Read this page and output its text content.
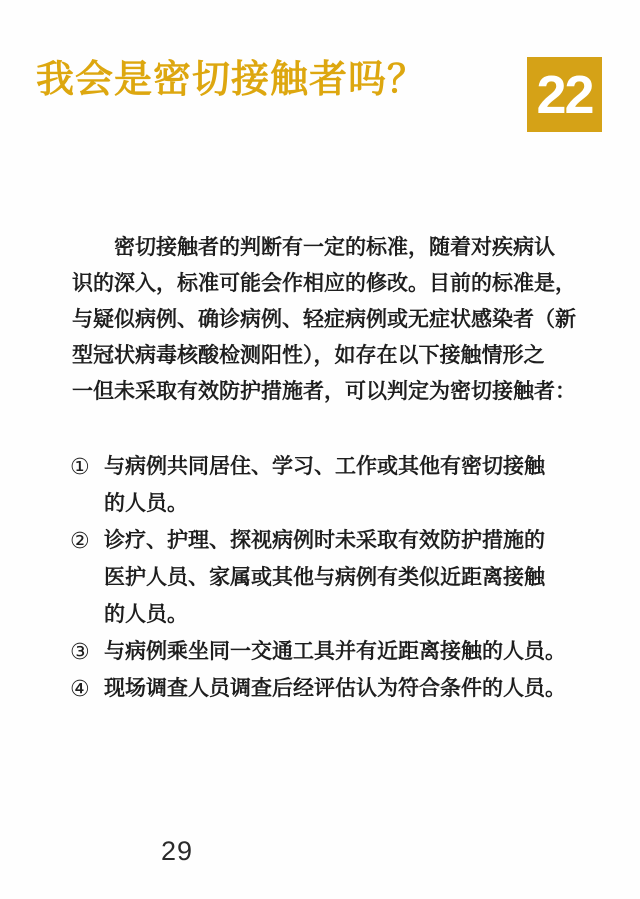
我会是密切接触者吗？ 22
密切接触者的判断有一定的标准，随着对疾病认
识的深入，标准可能会作相应的修改。目前的标准是，
与疑似病例、确诊病例、轻症病例或无症状感染者（新
型冠状病毒核酸检测阳性），如存在以下接触情形之
一但未采取有效防护措施者，可以判定为密切接触者：
① 与病例共同居住、学习、工作或其他有密切接触
的人员。
② 诊疗、护理、探视病例时未采取有效防护措施的
医护人员、家属或其他与病例有类似近距离接触
的人员。
③ 与病例乘坐同一交通工具并有近距离接触的人员。
④ 现场调查人员调查后经评估认为符合条件的人员。
29
